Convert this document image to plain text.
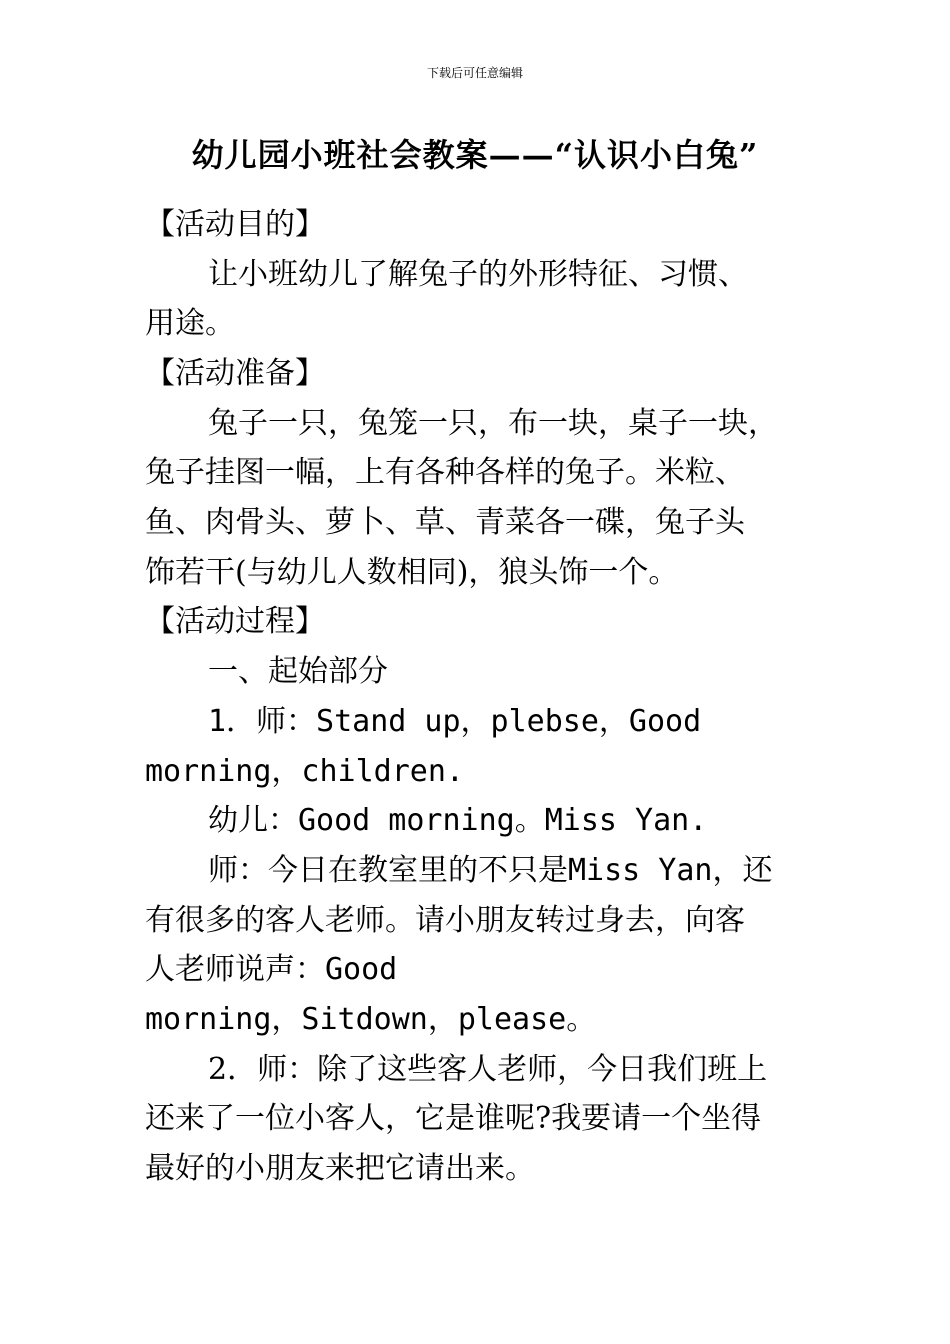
下载后可任意编辑
幼儿园小班社会教案——“认识小白兔”
【活动目的】
让小班幼儿了解兔子的外形特征、习惯、
用途。
【活动准备】
兔子一只，兔笼一只，布一块，桌子一块，
兔子挂图一幅，上有各种各样的兔子。米粒、
鱼、肉骨头、萝卜、草、青菜各一碟，兔子头
饰若干(与幼儿人数相同)，狼头饰一个。
【活动过程】
一、起始部分
1．师：Stand up，plebse，Good
morning，children.
幼儿：Good morning。Miss Yan.
师：今日在教室里的不只是Miss Yan，还
有很多的客人老师。请小朋友转过身去，向客
人老师说声：Good
morning，Sitdown，please。
2．师：除了这些客人老师，今日我们班上
还来了一位小客人，它是谁呢?我要请一个坐得
最好的小朋友来把它请出来。
